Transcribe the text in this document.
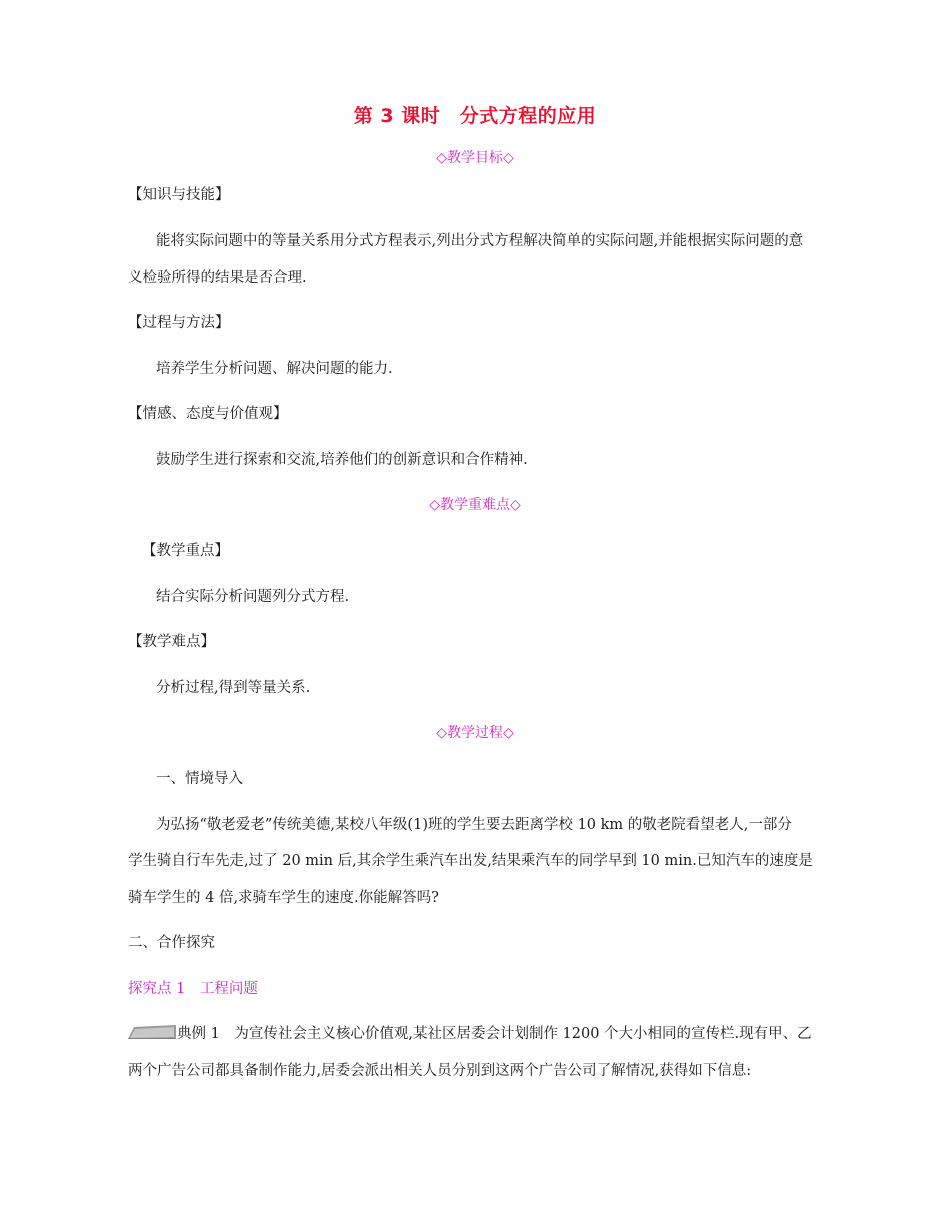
第 3 课时　分式方程的应用
◇教学目标◇
【知识与技能】
能将实际问题中的等量关系用分式方程表示,列出分式方程解决简单的实际问题,并能根据实际问题的意
义检验所得的结果是否合理.
【过程与方法】
培养学生分析问题、解决问题的能力.
【情感、态度与价值观】
鼓励学生进行探索和交流,培养他们的创新意识和合作精神.
◇教学重难点◇
【教学重点】
结合实际分析问题列分式方程.
【教学难点】
分析过程,得到等量关系.
◇教学过程◇
一、情境导入
为弘扬“敬老爱老”传统美德,某校八年级(1)班的学生要去距离学校 10 km 的敬老院看望老人,一部分
学生骑自行车先走,过了 20 min 后,其余学生乘汽车出发,结果乘汽车的同学早到 10 min.已知汽车的速度是
骑车学生的 4 倍,求骑车学生的速度.你能解答吗?
二、合作探究
探究点 1　工程问题
典例 1　为宣传社会主义核心价值观,某社区居委会计划制作 1200 个大小相同的宣传栏.现有甲、乙
两个广告公司都具备制作能力,居委会派出相关人员分别到这两个广告公司了解情况,获得如下信息:
